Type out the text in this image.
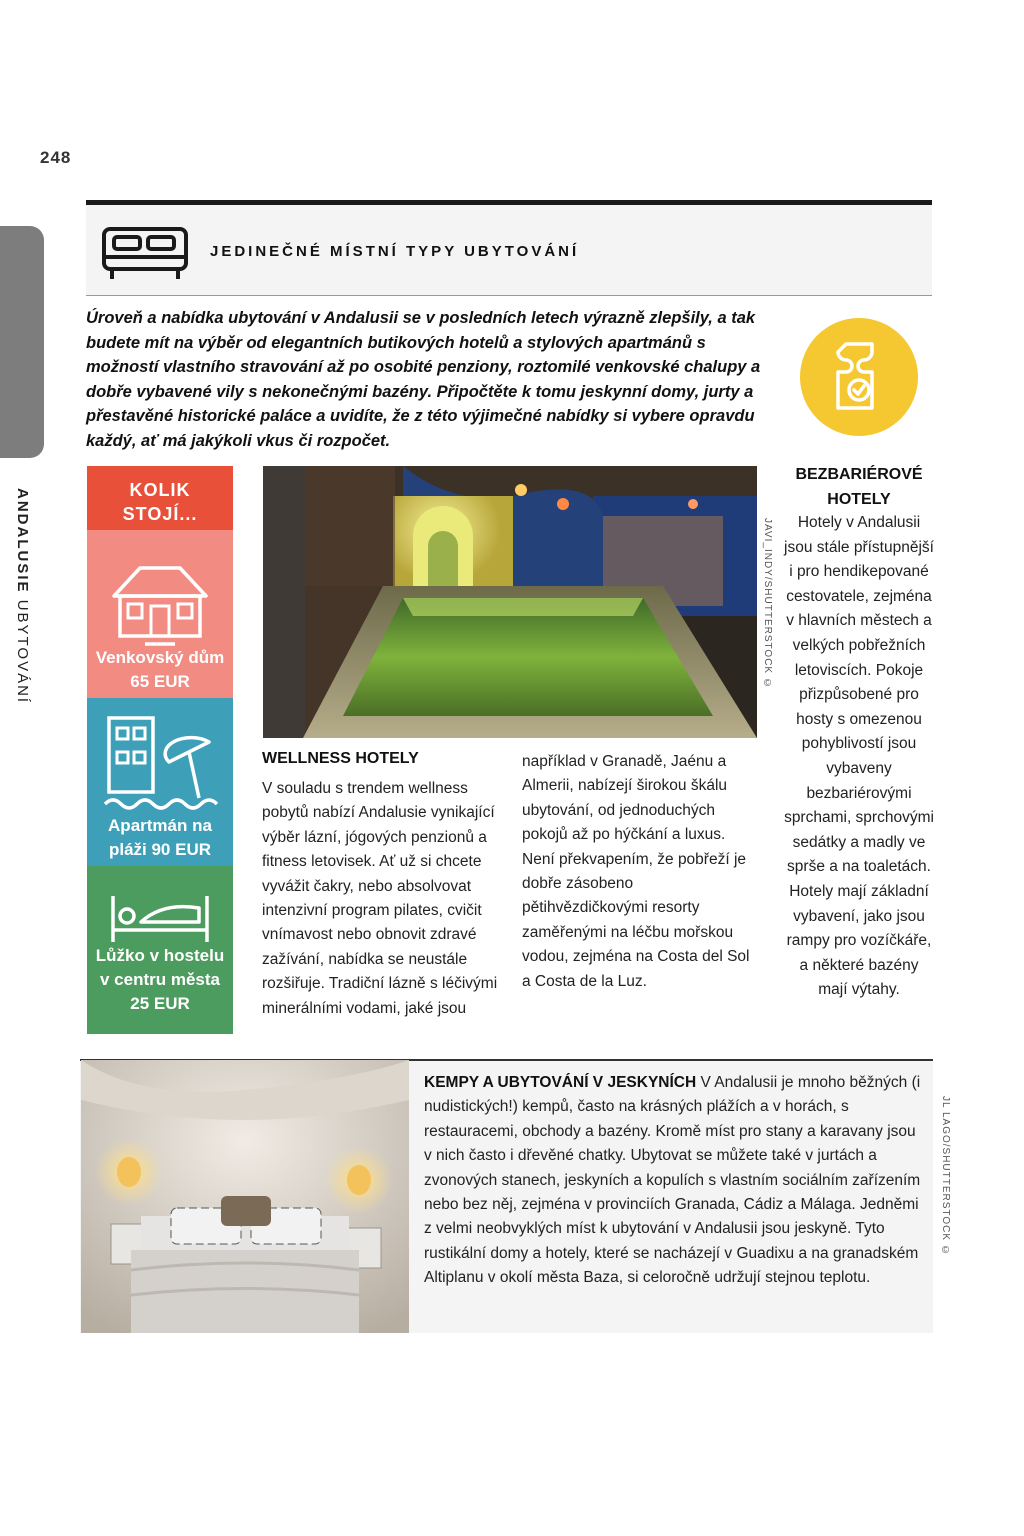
248
ANDALUSIE UBYTOVÁNÍ
JEDINEČNÉ MÍSTNÍ TYPY UBYTOVÁNÍ
Úroveň a nabídka ubytování v Andalusii se v posledních letech výrazně zlepšily, a tak budete mít na výběr od elegantních butikových hotelů a stylových apartmánů s možností vlastního stravování až po osobité penziony, roztomilé venkovské chalupy a dobře vybavené vily s nekonečnými bazény. Připočtěte k tomu jeskynní domy, jurty a přestavěné historické paláce a uvidíte, že z této výjimečné nabídky si vybere opravdu každý, ať má jakýkoli vkus či rozpočet.
KOLIK
STOJÍ...
Venkovský dům
65 EUR
Apartmán na
pláži 90 EUR
Lůžko v hostelu
v centru města
25 EUR
JAVI_INDY/SHUTTERSTOCK ©
WELLNESS HOTELY
V souladu s trendem wellness pobytů nabízí Andalusie vynikající výběr lázní, jógových penzionů a fitness letovisek. Ať už si chcete vyvážit čakry, nebo absolvovat intenzivní program pilates, cvičit vnímavost nebo obnovit zdravé zažívání, nabídka se neustále rozšiřuje. Tradiční lázně s léčivými minerálními vodami, jaké jsou
například v Granadě, Jaénu a Almerii, nabízejí širokou škálu ubytování, od jednoduchých pokojů až po hýčkání a luxus. Není překvapením, že pobřeží je dobře zásobeno pětihvězdičkovými resorty zaměřenými na léčbu mořskou vodou, zejména na Costa del Sol a Costa de la Luz.
BEZBARIÉROVÉ HOTELY
Hotely v Andalusii jsou stále přístupnější i pro hendikepované cestovatele, zejména v hlavních městech a velkých pobřežních letoviscích. Pokoje přizpůsobené pro hosty s omezenou pohyblivostí jsou vybaveny bezbariérovými sprchami, sprchovými sedátky a madly ve sprše a na toaletách. Hotely mají základní vybavení, jako jsou rampy pro vozíčkáře, a některé bazény mají výtahy.
KEMPY A UBYTOVÁNÍ V JESKYNÍCH V Andalusii je mnoho běžných (i nudistických!) kempů, často na krásných plážích a v horách, s restauracemi, obchody a bazény. Kromě míst pro stany a karavany jsou v nich často i dřevěné chatky. Ubytovat se můžete také v jurtách a zvonových stanech, jeskyních a kopulích s vlastním sociálním zařízením nebo bez něj, zejména v provinciích Granada, Cádiz a Málaga. Jedněmi z velmi neobvyklých míst k ubytování v Andalusii jsou jeskyně. Tyto rustikální domy a hotely, které se nacházejí v Guadixu a na granadském Altiplanu v okolí města Baza, si celoročně udržují stejnou teplotu.
JL LAGO/SHUTTERSTOCK ©
